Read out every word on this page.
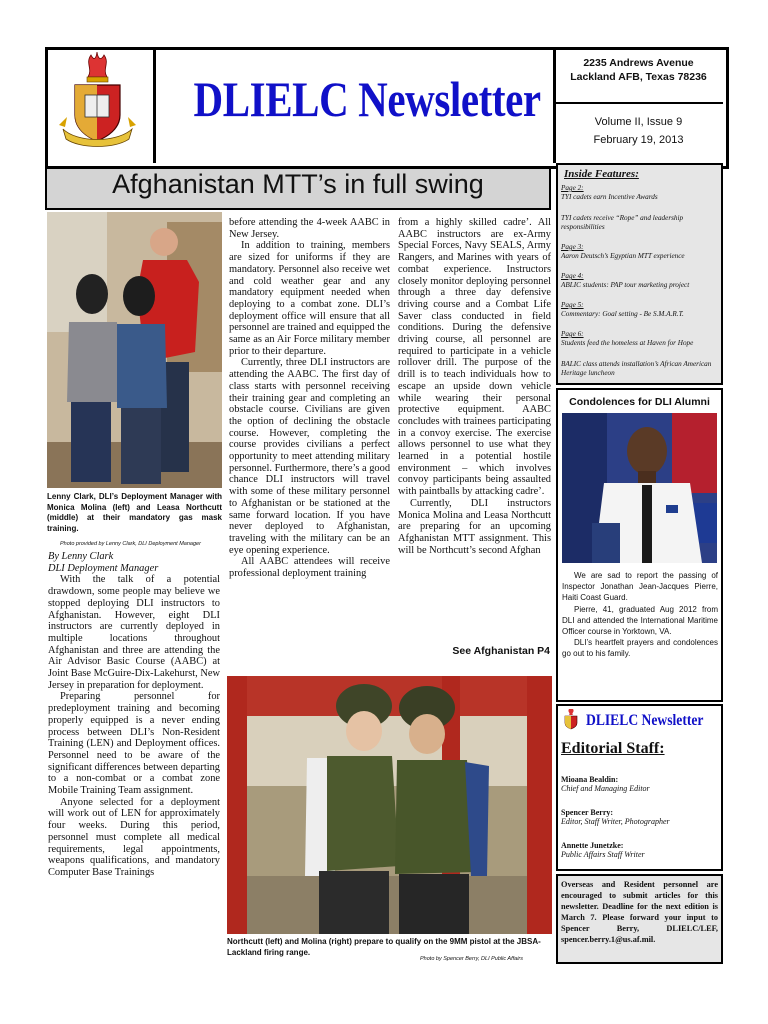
DLIELC Newsletter
2235 Andrews Avenue
Lackland AFB, Texas 78236
Volume II, Issue 9
February 19, 2013
Afghanistan MTT’s in full swing
Lenny Clark, DLI’s Deployment Manager with Monica Molina (left) and Leasa Northcutt (middle) at their mandatory gas mask training.
Photo provided by Lenny Clark, DLI Deployment Manager

By Lenny Clark

DLI Deployment Manager

With the talk of a potential drawdown, some people may believe we stopped deploying DLI instructors to Afghanistan. However, eight DLI instructors are currently deployed in multiple locations throughout Afghanistan and three are attending the Air Advisor Basic Course (AABC) at Joint Base McGuire-Dix-Lakehurst, New Jersey in preparation for deployment.

Preparing personnel for predeployment training and becoming properly equipped is a never ending process between DLI’s Non-Resident Training (LEN) and Deployment offices. Personnel need to be aware of the significant differences between departing to a non-combat or a combat zone Mobile Training Team assignment.

Anyone selected for a deployment will work out of LEN for approximately four weeks. During this period, personnel must complete all medical requirements, legal appointments, weapons qualifications, and mandatory Computer Base Trainings

before attending the 4-week AABC in New Jersey.

In addition to training, members are sized for uniforms if they are mandatory. Personnel also receive wet and cold weather gear and any mandatory equipment needed when deploying to a combat zone. DLI’s deployment office will ensure that all personnel are trained and equipped the same as an Air Force military member prior to their departure.

Currently, three DLI instructors are attending the AABC. The first day of class starts with personnel receiving their training gear and completing an obstacle course. Civilians are given the option of declining the obstacle course. However, completing the course provides civilians a perfect opportunity to meet attending military personnel. Furthermore, there’s a good chance DLI instructors will travel with some of these military personnel to Afghanistan or be stationed at the same forward location. If you have never deployed to Afghanistan, traveling with the military can be an eye opening experience.

All AABC attendees will receive professional deployment training

from a highly skilled cadre’. All AABC instructors are ex-Army Special Forces, Navy SEALS, Army Rangers, and Marines with years of combat experience. Instructors closely monitor deploying personnel through a three day defensive driving course and a Combat Life Saver class conducted in field conditions. During the defensive driving course, all personnel are required to participate in a vehicle rollover drill. The purpose of the drill is to teach individuals how to escape an upside down vehicle while wearing their personal protective equipment. AABC concludes with trainees participating in a convoy exercise. The exercise allows personnel to use what they learned in a potential hostile environment – which involves convoy participants being assaulted with paintballs by attacking cadre’.

Currently, DLI instructors Monica Molina and Leasa Northcutt are preparing for an upcoming Afghanistan MTT assignment. This will be Northcutt’s second Afghan

See Afghanistan P4
Northcutt (left) and Molina (right) prepare to qualify on the 9MM pistol at the JBSA-Lackland firing range.
Photo by Spencer Berry, DLI Public Affairs
Inside Features:
Page 2:
TYI cadets earn Incentive Awards
TYI cadets receive “Rope” and leadership responsibilities
Page 3:
Aaron Deutsch’s Egyptian MTT experience
Page 4:
ABLIC students: PAP tour marketing project
Page 5:
Commentary: Goal setting - Be S.M.A.R.T.
Page 6:
Students feed the homeless at Haven for Hope
BALIC class attends installation’s African American Heritage luncheon
Condolences for DLI Alumni

We are sad to report the passing of Inspector Jonathan Jean-Jacques Pierre, Haiti Coast Guard.

Pierre, 41, graduated Aug 2012 from DLI and attended the International Maritime Officer course in Yorktown, VA.

DLI’s heartfelt prayers and condolences go out to his family.

DLIELC Newsletter
Editorial Staff:
Mioana Bealdin:
Chief and Managing Editor
Spencer Berry:
Editor, Staff Writer, Photographer
Annette Junetzke:
Public Affairs Staff Writer
Overseas and Resident personnel are encouraged to submit articles for this newsletter. Deadline for the next edition is March 7. Please forward your input to Spencer Berry, DLIELC/LEF, spencer.berry.1@us.af.mil.
